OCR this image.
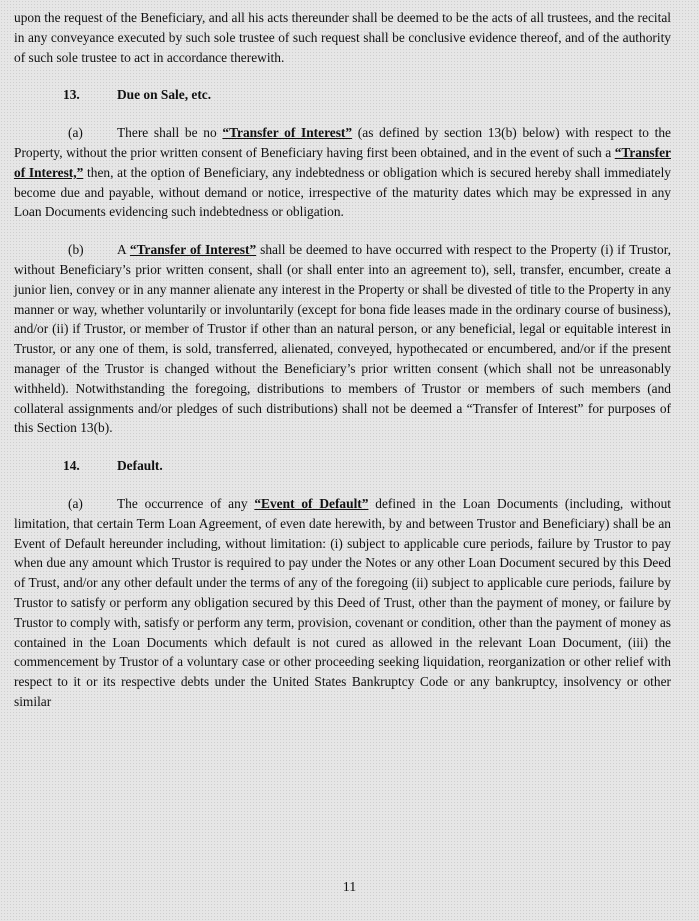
upon the request of the Beneficiary, and all his acts thereunder shall be deemed to be the acts of all trustees, and the recital in any conveyance executed by such sole trustee of such request shall be conclusive evidence thereof, and of the authority of such sole trustee to act in accordance therewith.

13.	Due on Sale, etc.

(a)	There shall be no “Transfer of Interest” (as defined by section 13(b) below) with respect to the Property, without the prior written consent of Beneficiary having first been obtained, and in the event of such a “Transfer of Interest,” then, at the option of Beneficiary, any indebtedness or obligation which is secured hereby shall immediately become due and payable, without demand or notice, irrespective of the maturity dates which may be expressed in any Loan Documents evidencing such indebtedness or obligation.

(b) A “Transfer of Interest” shall be deemed to have occurred with respect to the Property (i) if Trustor, without Beneficiary’s prior written consent, shall (or shall enter into an agreement to), sell, transfer, encumber, create a junior lien, convey or in any manner alienate any interest in the Property or shall be divested of title to the Property in any manner or way, whether voluntarily or involuntarily (except for bona fide leases made in the ordinary course of business), and/or (ii) if Trustor, or member of Trustor if other than an natural person, or any beneficial, legal or equitable interest in Trustor, or any one of them, is sold, transferred, alienated, conveyed, hypothecated or encumbered, and/or if the present manager of the Trustor is changed without the Beneficiary’s prior written consent (which shall not be unreasonably withheld). Notwithstanding the foregoing, distributions to members of Trustor or members of such members (and collateral assignments and/or pledges of such distributions) shall not be deemed a “Transfer of Interest” for purposes of this Section 13(b).

14.	Default.

(a)	The occurrence of any “Event of Default” defined in the Loan Documents (including, without limitation, that certain Term Loan Agreement, of even date herewith, by and between Trustor and Beneficiary) shall be an Event of Default hereunder including, without limitation: (i) subject to applicable cure periods, failure by Trustor to pay when due any amount which Trustor is required to pay under the Notes or any other Loan Document secured by this Deed of Trust, and/or any other default under the terms of any of the foregoing (ii) subject to applicable cure periods, failure by Trustor to satisfy or perform any obligation secured by this Deed of Trust, other than the payment of money, or failure by Trustor to comply with, satisfy or perform any term, provision, covenant or condition, other than the payment of money as contained in the Loan Documents which default is not cured as allowed in the relevant Loan Document, (iii) the commencement by Trustor of a voluntary case or other proceeding seeking liquidation, reorganization or other relief with respect to it or its respective debts under the United States Bankruptcy Code or any bankruptcy, insolvency or other similar

11
